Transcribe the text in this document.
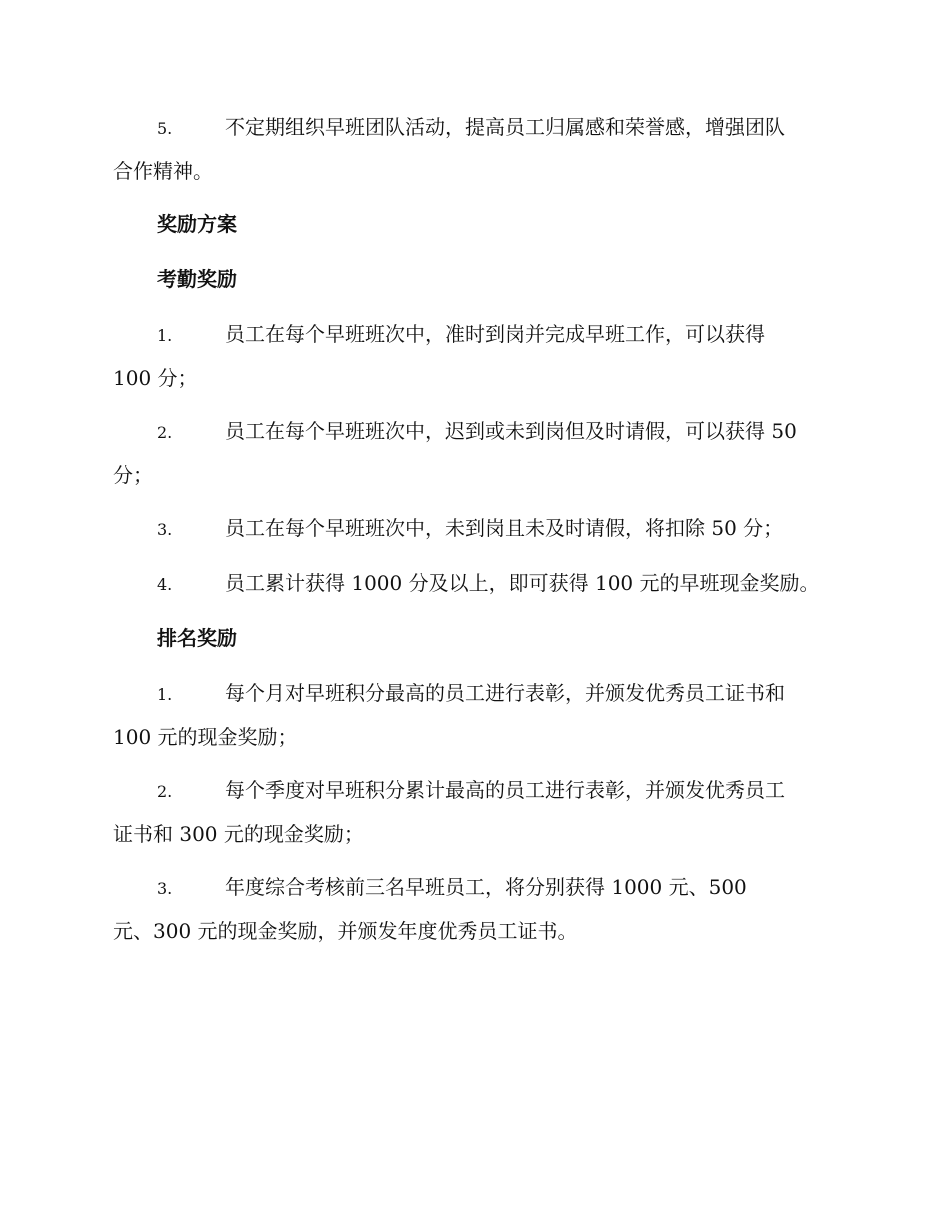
5.	不定期组织早班团队活动，提高员工归属感和荣誉感，增强团队
合作精神。

奖励方案
考勤奖励

1.	员工在每个早班班次中，准时到岗并完成早班工作，可以获得
100 分；

2.	员工在每个早班班次中，迟到或未到岗但及时请假，可以获得 50
分；

3.	员工在每个早班班次中，未到岗且未及时请假，将扣除 50 分；

4.	员工累计获得 1000 分及以上，即可获得 100 元的早班现金奖励。

排名奖励

1.	每个月对早班积分最高的员工进行表彰，并颁发优秀员工证书和
100 元的现金奖励；

2.	每个季度对早班积分累计最高的员工进行表彰，并颁发优秀员工
证书和 300 元的现金奖励；

3.	年度综合考核前三名早班员工，将分别获得 1000 元、500
元、300 元的现金奖励，并颁发年度优秀员工证书。
